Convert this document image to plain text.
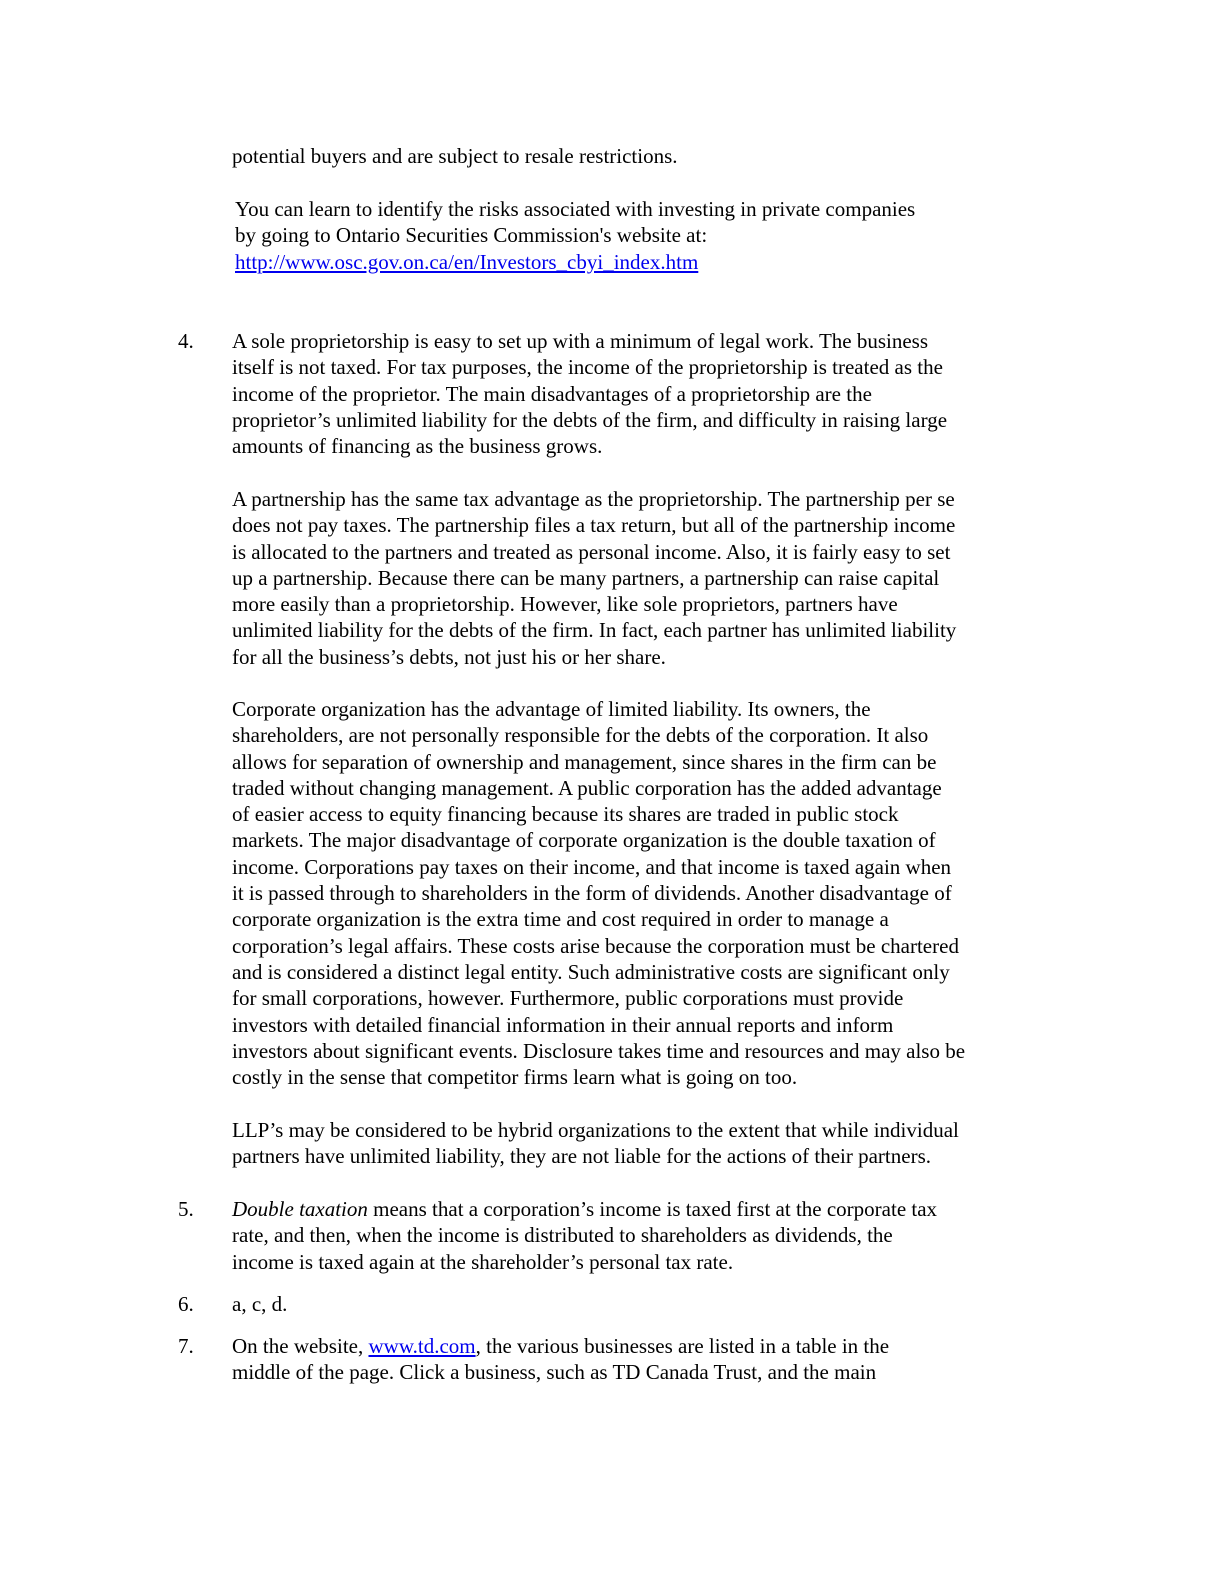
potential buyers and are subject to resale restrictions.

You can learn to identify the risks associated with investing in private companies
by going to Ontario Securities Commission's website at:
http://www.osc.gov.on.ca/en/Investors_cbyi_index.htm

4. A sole proprietorship is easy to set up with a minimum of legal work. The business
itself is not taxed. For tax purposes, the income of the proprietorship is treated as the
income of the proprietor. The main disadvantages of a proprietorship are the
proprietor’s unlimited liability for the debts of the firm, and difficulty in raising large
amounts of financing as the business grows.

A partnership has the same tax advantage as the proprietorship. The partnership per se
does not pay taxes. The partnership files a tax return, but all of the partnership income
is allocated to the partners and treated as personal income. Also, it is fairly easy to set
up a partnership. Because there can be many partners, a partnership can raise capital
more easily than a proprietorship. However, like sole proprietors, partners have
unlimited liability for the debts of the firm. In fact, each partner has unlimited liability
for all the business’s debts, not just his or her share.

Corporate organization has the advantage of limited liability. Its owners, the
shareholders, are not personally responsible for the debts of the corporation. It also
allows for separation of ownership and management, since shares in the firm can be
traded without changing management. A public corporation has the added advantage
of easier access to equity financing because its shares are traded in public stock
markets. The major disadvantage of corporate organization is the double taxation of
income. Corporations pay taxes on their income, and that income is taxed again when
it is passed through to shareholders in the form of dividends. Another disadvantage of
corporate organization is the extra time and cost required in order to manage a
corporation’s legal affairs. These costs arise because the corporation must be chartered
and is considered a distinct legal entity. Such administrative costs are significant only
for small corporations, however. Furthermore, public corporations must provide
investors with detailed financial information in their annual reports and inform
investors about significant events. Disclosure takes time and resources and may also be
costly in the sense that competitor firms learn what is going on too.

LLP’s may be considered to be hybrid organizations to the extent that while individual
partners have unlimited liability, they are not liable for the actions of their partners.

5. Double taxation means that a corporation’s income is taxed first at the corporate tax
rate, and then, when the income is distributed to shareholders as dividends, the
income is taxed again at the shareholder’s personal tax rate.

6. a, c, d.

7. On the website, www.td.com, the various businesses are listed in a table in the
middle of the page. Click a business, such as TD Canada Trust, and the main
